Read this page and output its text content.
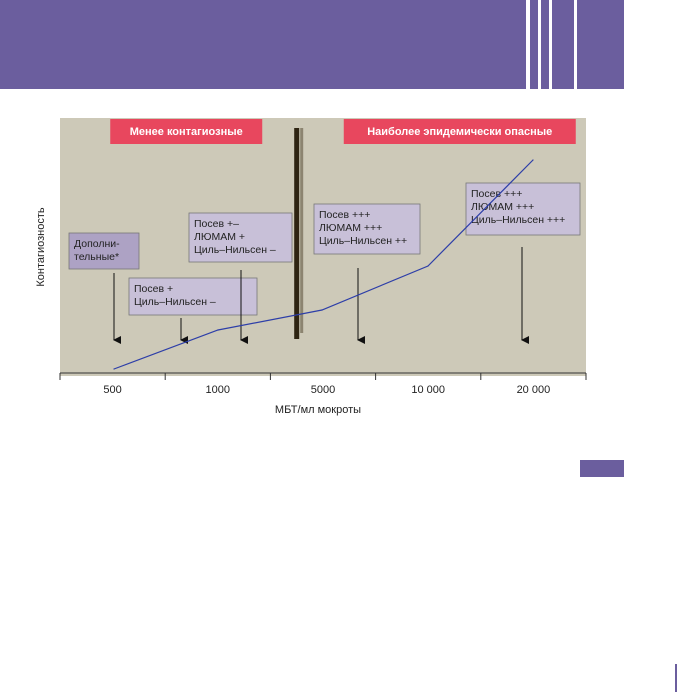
500	1000	5000	10 000	20 000
Менее контагиозные	Наиболее эпидемически опасные
Дополни-
тельные*
Посев +
Циль–Нильсен –
Посев +–
ЛЮМАМ +
Циль–Нильсен –
Посев +++
ЛЮМАМ +++
Циль–Нильсен ++
Посев +++
ЛЮМАМ +++
Циль–Нильсен +++
Контагиозность
МБТ/мл мокроты
